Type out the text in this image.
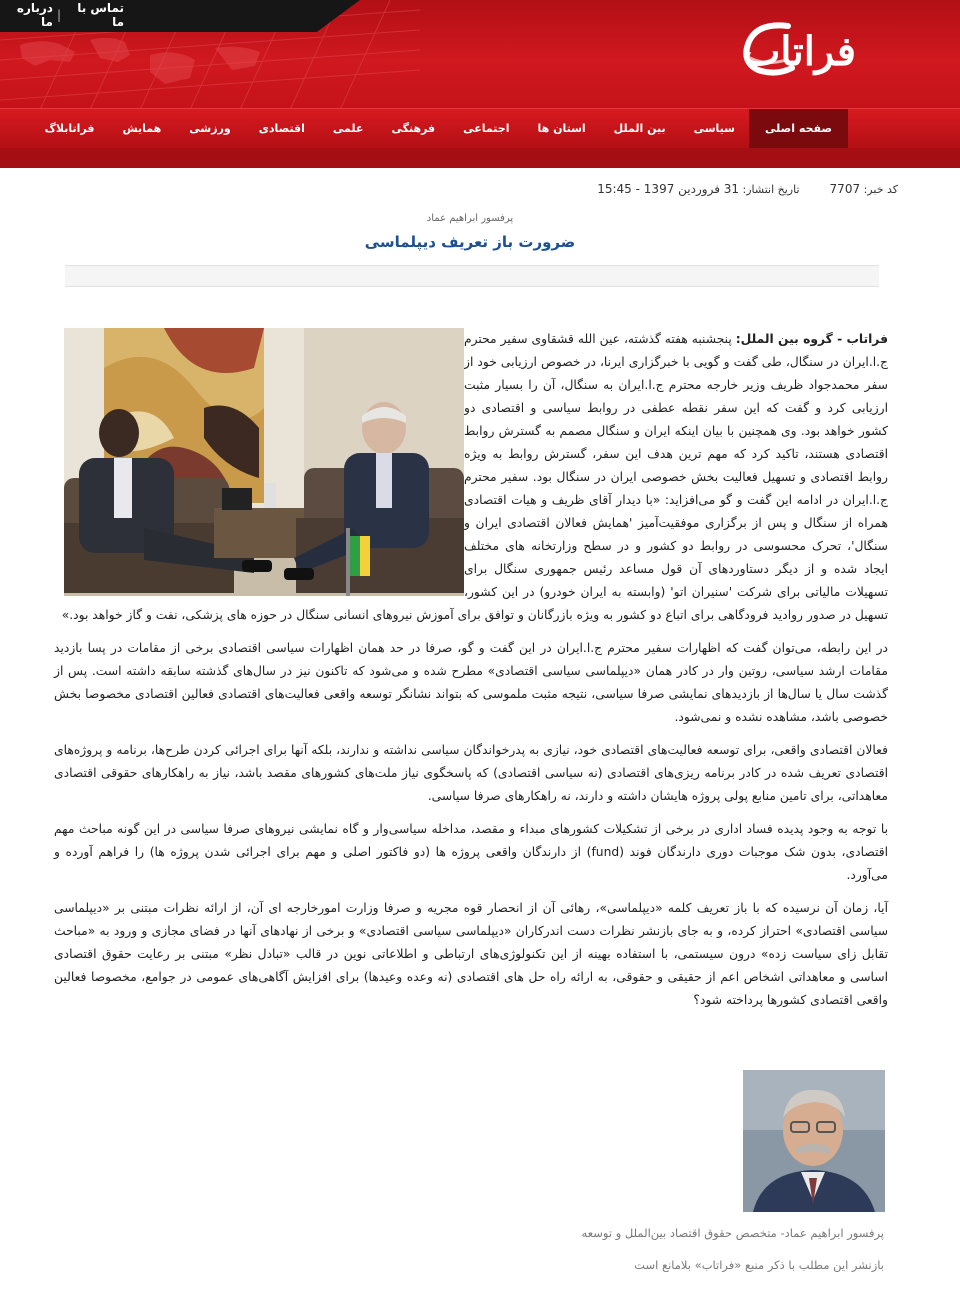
تماس با ما
|
درباره ما
فراتاب
صفحه اصلی
سیاسی
بین الملل
استان ها
اجتماعی
فرهنگی
علمی
اقتصادی
ورزشی
همایش
فراتابلاگ
کد خبر: 7707
تاریخ انتشار: 31 فروردین 1397 - 15:45
پرفسور ابراهیم عماد
ضرورت باز تعریف دیپلماسی

فراتاب - گروه بین الملل: پنجشنبه هفته گذشته، عین الله قشقاوی سفیر محترم ج.ا.ایران در سنگال، طی گفت و گویی با خبرگزاری ایرنا، در خصوص ارزیابی خود از سفر محمدجواد ظریف وزیر خارجه محترم ج.ا.ایران به سنگال، آن را بسیار مثبت ارزیابی کرد و گفت که این سفر نقطه عطفی در روابط سیاسی و اقتصادی دو کشور خواهد بود. وی همچنین با بیان اینکه ایران و سنگال مصمم به گسترش روابط اقتصادی هستند، تاکید کرد که مهم ترین هدف این سفر، گسترش روابط به ویژه روابط اقتصادی و تسهیل فعالیت بخش خصوصی ایران در سنگال بود. سفیر محترم ج.ا.ایران در ادامه این گفت و گو می‌افزاید: «با دیدار آقای ظریف و هیات اقتصادی همراه از سنگال و پس از برگزاری موفقیت‌آمیز 'همایش فعالان اقتصادی ایران و سنگال'، تحرک محسوسی در روابط دو کشور و در سطح وزارتخانه های مختلف ایجاد شده و از دیگر دستاوردهای آن قول مساعد رئیس جمهوری سنگال برای تسهیلات مالیاتی برای شرکت 'سنیران اتو' (وابسته به ایران خودرو) در این کشور، تسهیل در صدور روادید فرودگاهی برای اتباع دو کشور به ویژه بازرگانان و توافق برای آموزش نیروهای انسانی سنگال در حوزه های پزشکی، نفت و گاز خواهد بود.»

در این رابطه، می‌توان گفت که اظهارات سفیر محترم ج.ا.ایران در این گفت و گو، صرفا در حد همان اظهارات سیاسی اقتصادی برخی از مقامات در پسا بازدید مقامات ارشد سیاسی، روتین وار در کادر همان «دیپلماسی سیاسی اقتصادی» مطرح شده و می‌شود که تاکنون نیز در سال‌های گذشته سابقه داشته است. پس از گذشت سال یا سال‌ها از بازدیدهای نمایشی صرفا سیاسی، نتیجه مثبت ملموسی که بتواند نشانگر توسعه واقعی فعالیت‌های اقتصادی فعالین اقتصادی مخصوصا بخش خصوصی باشد، مشاهده نشده و نمی‌شود.

فعالان اقتصادی واقعی، برای توسعه فعالیت‌های اقتصادی خود، نیازی به پدرخواندگان سیاسی نداشته و ندارند، بلکه آنها برای اجرائی کردن طرح‌ها، برنامه و پروژه‌های اقتصادی تعریف شده در کادر برنامه ریزی‌های اقتصادی (نه سیاسی اقتصادی) که پاسخگوی نیاز ملت‌های کشورهای مقصد باشد، نیاز به راهکارهای حقوقی اقتصادی معاهداتی، برای تامین منابع پولی پروژه هایشان داشته و دارند، نه راهکارهای صرفا سیاسی.

با توجه به وجود پدیده فساد اداری در برخی از تشکیلات کشورهای مبداء و مقصد، مداخله سیاسی‌وار و گاه نمایشی نیروهای صرفا سیاسی در این گونه مباحث مهم اقتصادی، بدون شک موجبات دوری دارندگان فوند (fund) از دارندگان واقعی پروژه ها (دو فاکتور اصلی و مهم برای اجرائی شدن پروژه ها) را فراهم آورده و می‌آورد.

آیا، زمان آن نرسیده که با باز تعریف کلمه «دیپلماسی»، رهائی آن از انحصار قوه مجریه و صرفا وزارت امورخارجه ای آن، از ارائه نظرات مبتنی بر «دیپلماسی سیاسی اقتصادی» احتراز کرده، و به جای بازنشر نظرات دست اندرکاران «دیپلماسی سیاسی اقتصادی» و برخی از نهادهای آنها در فضای مجازی و ورود به «مباحث تقابل زای سیاست زده» درون سیستمی، با استفاده بهینه از این تکنولوژی‌های ارتباطی و اطلاعاتی نوین در قالب «تبادل نظر» مبتنی بر رعایت حقوق اقتصادی اساسی و معاهداتی اشخاص اعم از حقیقی و حقوقی، به ارائه راه حل های اقتصادی (نه وعده وعیدها) برای افزایش آگاهی‌های عمومی در جوامع، مخصوصا فعالین واقعی اقتصادی کشورها پرداخته شود؟

پرفسور ابراهیم عماد- متخصص حقوق اقتصاد بین‌الملل و توسعه
بازنشر این مطلب با ذکر منبع «فراتاب» بلامانع است
